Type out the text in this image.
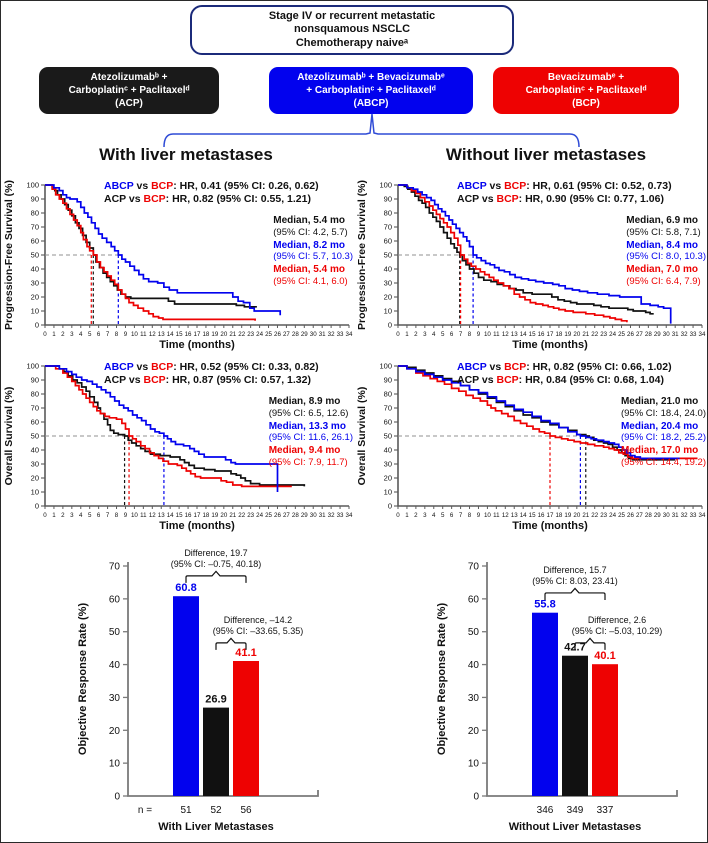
Stage IV or recurrent metastatic
nonsquamous NSCLC
Chemotherapy naiveᵃ
Atezolizumabᵇ +
Carboplatinᶜ + Paclitaxelᵈ
(ACP)
Atezolizumabᵇ + Bevacizumabᵉ
+ Carboplatinᶜ + Paclitaxelᵈ
(ABCP)
Bevacizumabᵉ +
Carboplatinᶜ + Paclitaxelᵈ
(BCP)
With liver metastases	Without liver metastases
Progression-Free Survival (%)	0
10
20
30
40
50
60
70
80
90
100
0 1 2 3 4 5 6 7 8 9 10 11 12 13 14 15 16 17 18 19 20 21 22 23 24 25 26 27 28 29 30 31 32 33 34
Time (months)
ABCP vs BCP: HR, 0.41 (95% CI: 0.26, 0.62)
ACP vs BCP: HR, 0.82 (95% CI: 0.55, 1.21)
Median, 5.4 mo
(95% CI: 4.2, 5.7)
Median, 8.2 mo
(95% CI: 5.7, 10.3)
Median, 5.4 mo
(95% CI: 4.1, 6.0) Progression-Free Survival (%)	0
10
20
30
40
50
60
70
80
90
100
0 1 2 3 4 5 6 7 8 9 10 11 12 13 14 15 16 17 18 19 20 21 22 23 24 25 26 27 28 29 30 31 32 33 34
Time (months)
ABCP vs BCP: HR, 0.61 (95% CI: 0.52, 0.73)
ACP vs BCP: HR, 0.90 (95% CI: 0.77, 1.06)
Median, 6.9 mo
(95% CI: 5.8, 7.1)
Median, 8.4 mo
(95% CI: 8.0, 10.3)
Median, 7.0 mo
(95% CI: 6.4, 7.9)
Overall Survival (%)
0
10
20
30
40
50
60
70
80
90
100
0 1 2 3 4 5 6 7 8 9 10 11 12 13 14 15 16 17 18 19 20 21 22 23 24 25 26 27 28 29 30 31 32 33 34
Time (months)
ABCP vs BCP: HR, 0.52 (95% CI: 0.33, 0.82)
ACP vs BCP: HR, 0.87 (95% CI: 0.57, 1.32)
Median, 8.9 mo
(95% CI: 6.5, 12.6)
Median, 13.3 mo
(95% CI: 11.6, 26.1)
Median, 9.4 mo
(95% CI: 7.9, 11.7) Overall Survival (%)
0
10
20
30
40
50
60
70
80
90
100
0 1 2 3 4 5 6 7 8 9 10 11 12 13 14 15 16 17 18 19 20 21 22 23 24 25 26 27 28 29 30 31 32 33 34
Time (months)
ABCP vs BCP: HR, 0.82 (95% CI: 0.66, 1.02)
ACP vs BCP: HR, 0.84 (95% CI: 0.68, 1.04)
Median, 21.0 mo
(95% CI: 18.4, 24.0)
Median, 20.4 mo
(95% CI: 18.2, 25.2)
Median, 17.0 mo
(95% CI: 14.4, 19.2)
Objective Response Rate (%)
0
10
20
30
40
50
60
70
60.8
26.9
41.1
Difference, 19.7
(95% CI: –0.75, 40.18)
Difference, –14.2
(95% CI: –33.65, 5.35)
n =	51 52 56
With Liver Metastases
Objective Response Rate (%)
0
10
20
30
40
50
60
70
55.8
42.7
40.1
Difference, 15.7
(95% CI: 8.03, 23.41)
Difference, 2.6
(95% CI: –5.03, 10.29)
346 349 337
Without Liver Metastases
